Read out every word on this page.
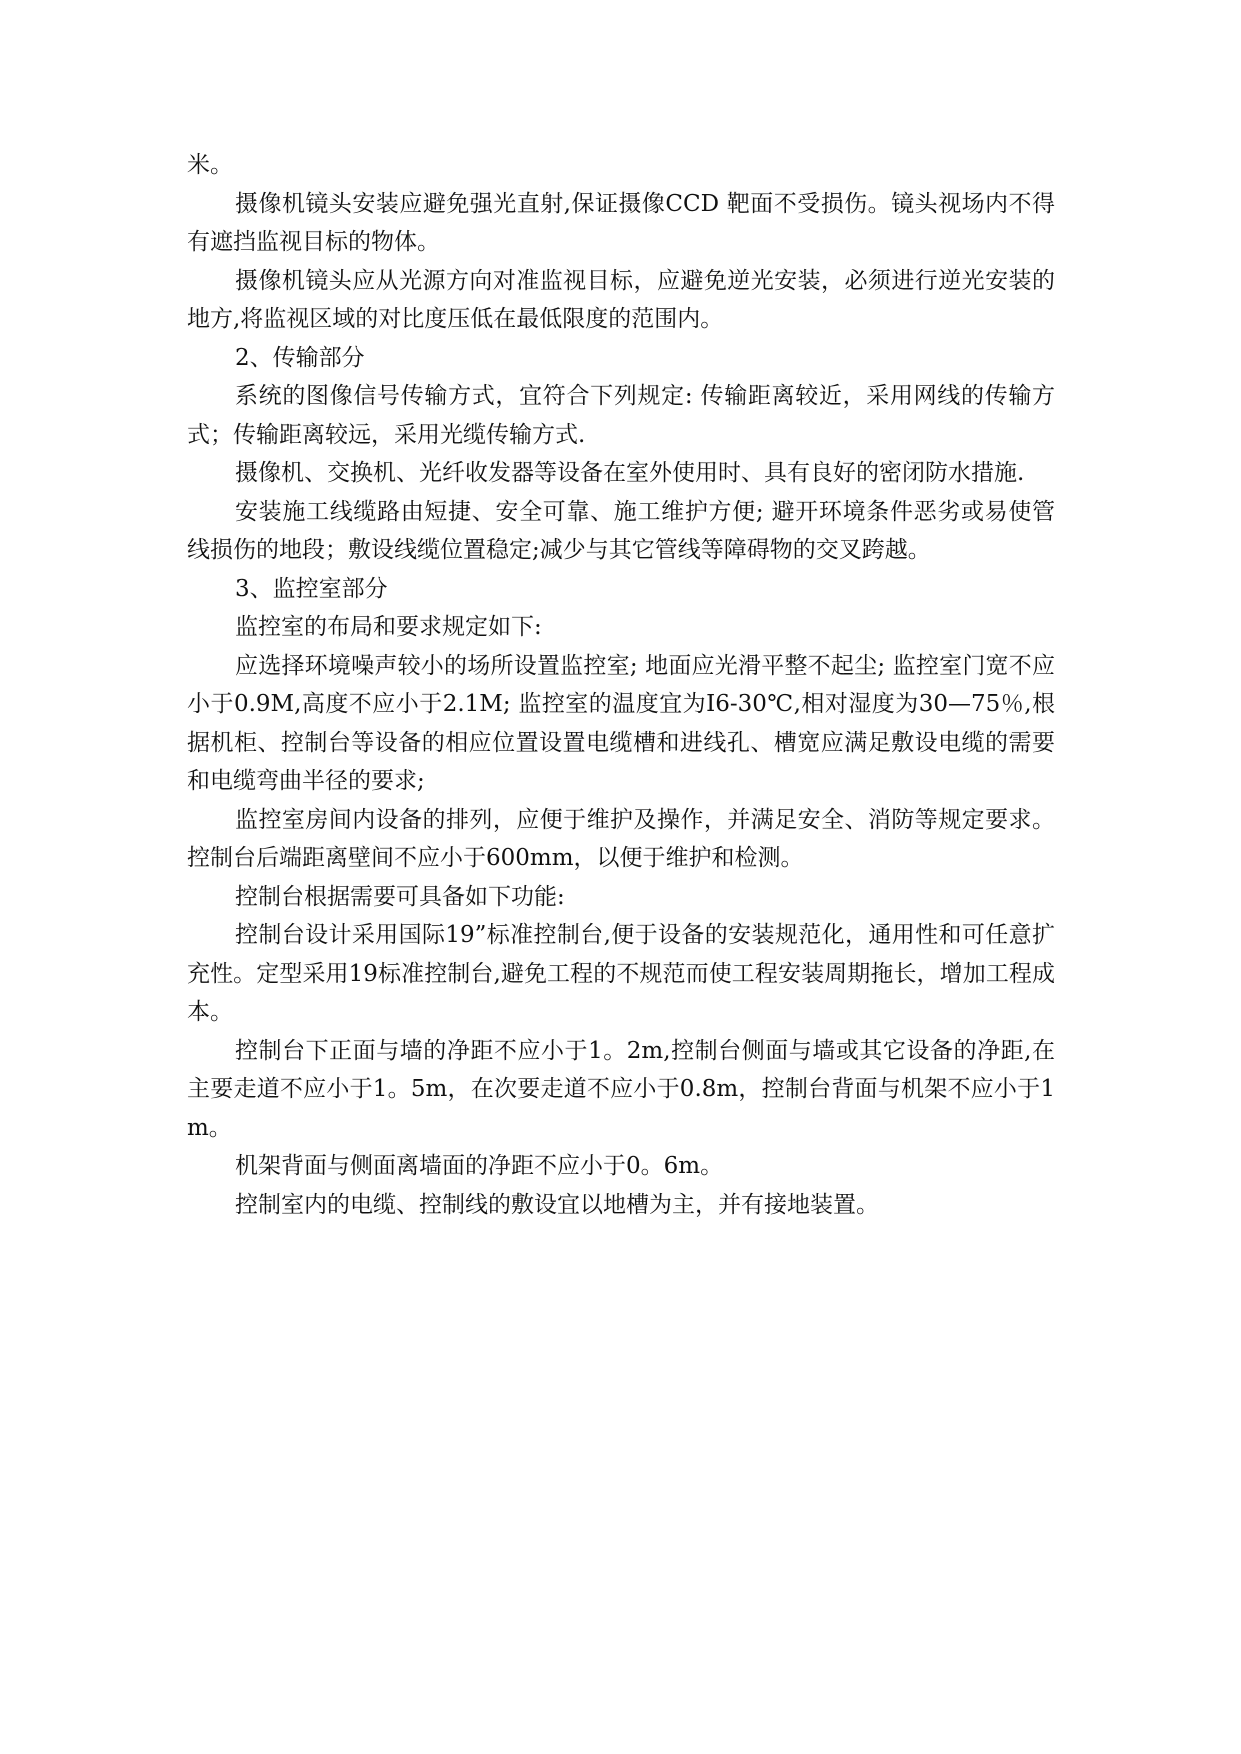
米。

摄像机镜头安装应避免强光直射,保证摄像CCD 靶面不受损伤。镜头视场内不得有遮挡监视目标的物体。

摄像机镜头应从光源方向对准监视目标，应避免逆光安装，必须进行逆光安装的地方,将监视区域的对比度压低在最低限度的范围内。

2、传输部分

系统的图像信号传输方式，宜符合下列规定: 传输距离较近，采用网线的传输方式；传输距离较远，采用光缆传输方式.

摄像机、交换机、光纤收发器等设备在室外使用时、具有良好的密闭防水措施.

安装施工线缆路由短捷、安全可靠、施工维护方便; 避开环境条件恶劣或易使管线损伤的地段；敷设线缆位置稳定;减少与其它管线等障碍物的交叉跨越。

3、监控室部分

监控室的布局和要求规定如下:

应选择环境噪声较小的场所设置监控室; 地面应光滑平整不起尘; 监控室门宽不应小于0.9M,高度不应小于2.1M; 监控室的温度宜为I6-30℃,相对湿度为30—75％,根据机柜、控制台等设备的相应位置设置电缆槽和进线孔、槽宽应满足敷设电缆的需要和电缆弯曲半径的要求;

监控室房间内设备的排列，应便于维护及操作，并满足安全、消防等规定要求。控制台后端距离壁间不应小于600mm，以便于维护和检测。

控制台根据需要可具备如下功能:

控制台设计采用国际19”标准控制台,便于设备的安装规范化，通用性和可任意扩充性。定型采用19标准控制台,避免工程的不规范而使工程安装周期拖长，增加工程成本。

控制台下正面与墙的净距不应小于1。2m,控制台侧面与墙或其它设备的净距,在主要走道不应小于1。5m，在次要走道不应小于0.8m，控制台背面与机架不应小于1m。

机架背面与侧面离墙面的净距不应小于0。6m。

控制室内的电缆、控制线的敷设宜以地槽为主，并有接地装置。
